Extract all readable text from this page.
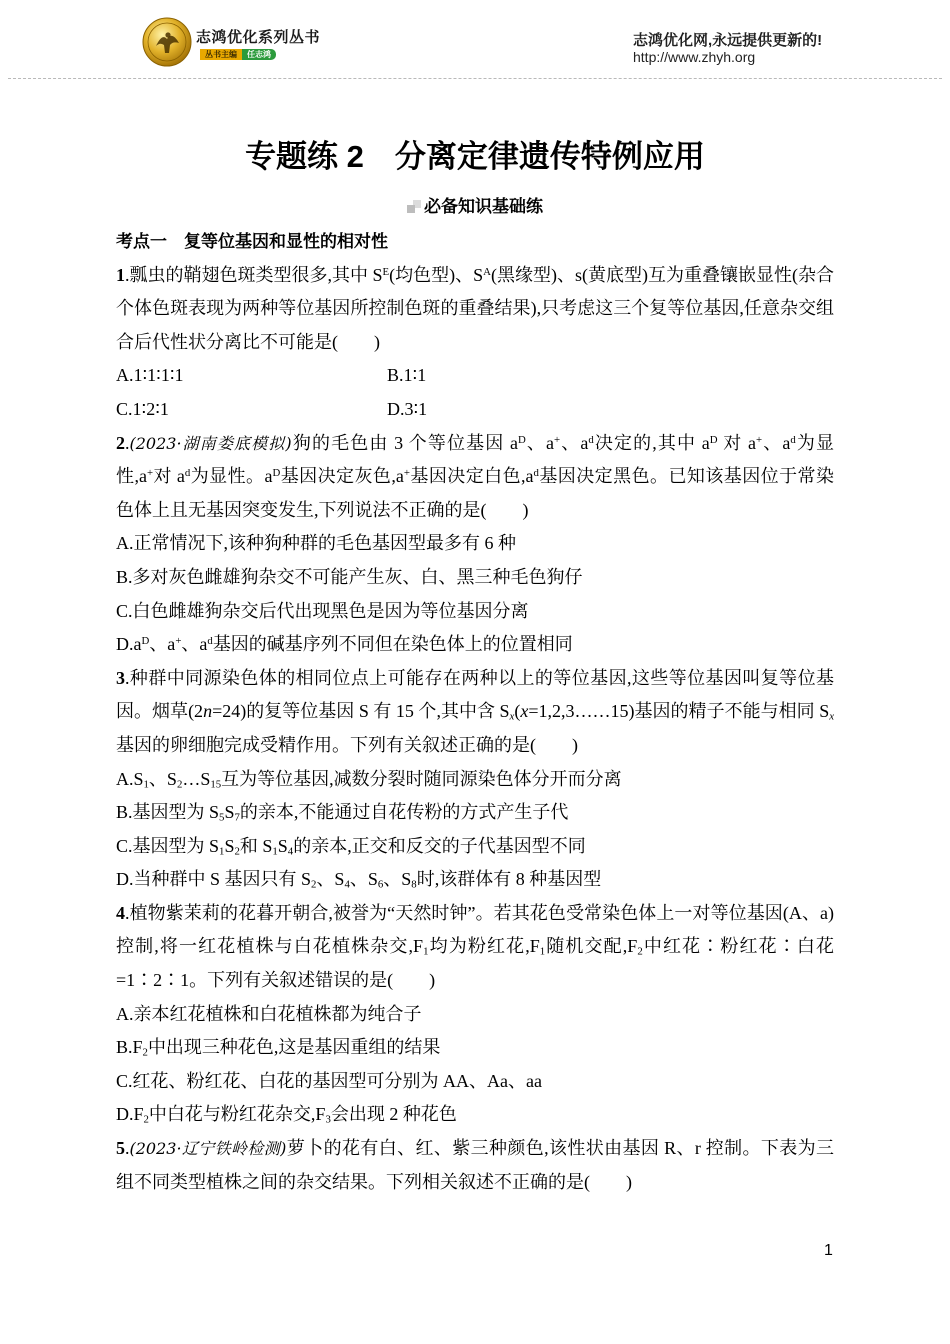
志鸿优化系列丛书
丛书主编	任志鸿
志鸿优化网,永远提供更新的!
http://www.zhyh.org
专题练 2　分离定律遗传特例应用
必备知识基础练
考点一　复等位基因和显性的相对性

1.瓢虫的鞘翅色斑类型很多,其中 $S^E$(均色型)、$S^A$(黑缘型)、s(黄底型)互为重叠镶嵌显性(杂合个体色斑表现为两种等位基因所控制色斑的重叠结果),只考虑这三个复等位基因,任意杂交组合后代性状分离比不可能是(　　)

A.1∶1∶1∶1	B.1∶1
C.1∶2∶1	D.3∶1

2.(2023·湖南娄底模拟)狗的毛色由 3 个等位基因 $a^D$、a+、$a^d$决定的,其中 $a^D$ 对 a+、$a^d$为显性,a+对 $a^d$为显性。$a^D$基因决定灰色,a+基因决定白色$,a^d$基因决定黑色。已知该基因位于常染色体上且无基因突变发生,下列说法不正确的是(　　)

A.正常情况下,该种狗种群的毛色基因型最多有 6 种
B.多对灰色雌雄狗杂交不可能产生灰、白、黑三种毛色狗仔
C.白色雌雄狗杂交后代出现黑色是因为等位基因分离
$D.a^D$、a+、$a^d$基因的碱基序列不同但在染色体上的位置相同

3.种群中同源染色体的相同位点上可能存在两种以上的等位基因,这些等位基因叫复等位基因。烟草(2n=24)的复等位基因 S 有 15 个,其中含 $S_x(x=1,2,3\dots\dots 15)$基因的精子不能与相同 $S_x$基因的卵细胞完成受精作用。下列有关叙述正确的是(　　)

$A.S_1$、$S_2\dots S_{15}$互为等位基因,减数分裂时随同源染色体分开而分离
B.基因型为 $S_5S_7$的亲本,不能通过自花传粉的方式产生子代
C.基因型为 $S_1S_2$和 $S_1S_4$的亲本,正交和反交的子代基因型不同
D.当种群中 S 基因只有 $S_2$、$S_4$、$S_6$、$S_8$时,该群体有 8 种基因型

4.植物紫茉莉的花暮开朝合,被誉为“天然时钟”。若其花色受常染色体上一对等位基因(A、a)控制,将一红花植株与白花植株杂交$,F_1$均为粉红花$,F_1$随机交配$,F_2$中红花∶粉红花∶白花=1∶2∶1。下列有关叙述错误的是(　　)

A.亲本红花植株和白花植株都为纯合子
$B.F_2$中出现三种花色,这是基因重组的结果
C.红花、粉红花、白花的基因型可分别为 AA、Aa、aa
$D.F_2$中白花与粉红花杂交$,F_3$会出现 2 种花色

5.(2023·辽宁铁岭检测)萝卜的花有白、红、紫三种颜色,该性状由基因 R、r 控制。下表为三组不同类型植株之间的杂交结果。下列相关叙述不正确的是(　　)

1
